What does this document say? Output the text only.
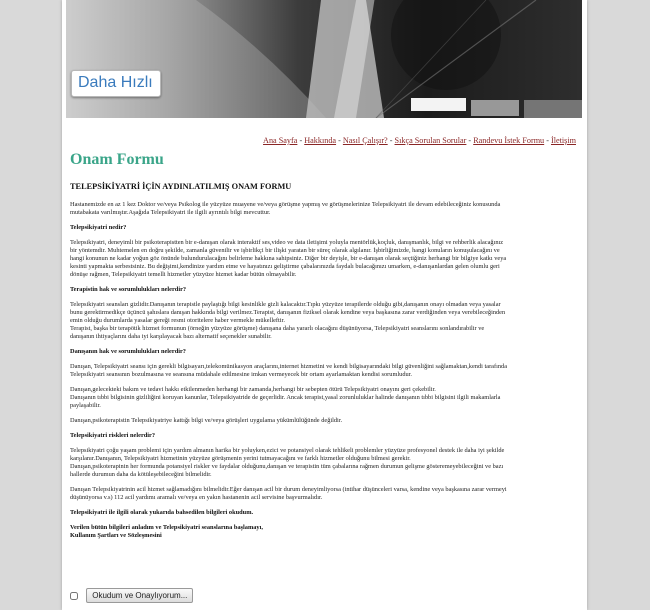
Daha Hızlı
Ana Sayfa - Hakkında - Nasıl Çalışır? - Sıkça Sorulan Sorular - Randevu İstek Formu - İletişim
Onam Formu
TELEPSİKİYATRİ İÇİN AYDINLATILMIŞ ONAM FORMU
Hastanemizde en az 1 kez Doktor ve/veya Psikolog ile yüzyüze muayene ve/veya görüşme yapmış ve görüşmelerinize Telepsikiyatri ile devam edebileceğiniz konusunda
mutabakata varılmıştır.Aşağıda Telepsikiyatri ile ilgili ayrıntılı bilgi mevcuttur.
Telepsikiyatri nedir?
Telepsikiyatri, deneyimli bir psikoterapistten bir e-danışan olarak interaktif ses,video ve data iletişimi yoluyla mentörlük,koçluk, danışmanlık, bilgi ve rehberlik alacağınız
bir yöntemdir. Muhtemelen en doğru şekilde, zamanla güvenilir ve işbirlikçi bir ilişki yaratan bir süreç olarak algılanır. İşbirliğimizde, hangi konuların konuşulacağını ve
hangi konunun ne kadar yoğun göz önünde bulundurulacağını belirleme hakkına sahipsiniz. Diğer bir deyişle, bir e-danışan olarak seçtiğiniz herhangi bir bilgiye katkı veya
kesinti yapmakta serbestsiniz. Bu değişimi,kendinize yardım etme ve hayatınızı geliştirme çabalarınızda faydalı bulacağınızı umarken, e-danışanlardan gelen olumlu geri
dönüşe rağmen, Telepsikiyatri temelli hizmetler yüzyüze hizmet kadar bütün olmayabilir.
Terapistin hak ve sorumlulukları nelerdir?
Telepsikiyatri seansları gizlidir.Danışanın terapistle paylaştığı bilgi kesinlikle gizli kalacaktır.Tıpkı yüzyüze terapilerde olduğu gibi,danışanın onayı olmadan veya yasalar
bunu gerektirmedikçe üçüncü şahıslara danışan hakkında bilgi verilmez.Terapist, danışanın fiziksel olarak kendine veya başkasına zarar verdiğinden veya verebileceğinden
emin olduğu durumlarda yasalar gereği resmi otoritelere haber vermekle mükelleftir.
Terapist, başka bir terapötik hizmet formunun (örneğin yüzyüze görüşme) danışana daha yararlı olacağını düşünüyorsa, Telepsikiyatri seanslarını sonlandırabilir ve
danışanın ihtiyaçlarını daha iyi karşılayacak bazı alternatif seçenekler sunabilir.
Danışanın hak ve sorumlulukları nelerdir?
Danışan, Telepsikiyatri seansı için gerekli bilgisayarı,telekomünikasyon araçlarını,internet hizmetini ve kendi bilgisayarındaki bilgi güvenliğini sağlamaktan,kendi tarafında
Telepsikiyatri seansının bozulmasına ve seansına müdahale edilmesine imkan vermeyecek bir ortam ayarlamaktan kendisi sorumludur.
Danışan,gelecekteki bakım ve tedavi hakkı etkilenmeden herhangi bir zamanda,herhangi bir sebepten ötürü Telepsikiyatri onayını geri çekebilir.
Danışanın tıbbi bilgisinin gizliliğini koruyan kanunlar, Telepsikiyatride de geçerlidir. Ancak terapist,yasal zorunluluklar halinde danışanın tıbbi bilgisini ilgili makamlarla
paylaşabilir.
Danışan,psikoterapistin Telepsikiyatriye kattığı bilgi ve/veya görüşleri uygulama yükümlülüğünde değildir.
Telepsikiyatri riskleri nelerdir?
Telepsikiyatri çoğu yaşam problemi için yardım almanın harika bir yoluyken,ezici ve potansiyel olarak tehlikeli problemler yüzyüze profesyonel destek ile daha iyi şekilde
karşılanır.Danışanın, Telepsikiyatri hizmetinin yüzyüze görüşmenin yerini tutmayacağını ve farklı hizmetler olduğunu bilmesi gerekir.
Danışan,psikoterapinin her formunda potansiyel riskler ve faydalar olduğunu,danışan ve terapistin tüm çabalarına rağmen durumun gelişme gösteremeyebileceğini ve bazı
hallerde durumun daha da kötüleşebileceğini bilmelidir.
Danışan Telepsikiyatrinin acil hizmet sağlamadığını bilmelidir.Eğer danışan acil bir durum deneyimliyorsa (intihar düşünceleri varsa, kendine veya başkasına zarar vermeyi
düşünüyorsa v.s) 112 acil yardımı aramalı ve/veya en yakın hastanenin acil servisine başvurmalıdır.
Telepsikiyatri ile ilgili olarak yukarıda bahsedilen bilgileri okudum.
Verilen bütün bilgileri anladım ve Telepsikiyatri seanslarına başlamayı,
Kullanım Şartları ve Sözleşmesini
Okudum ve Onaylıyorum...
